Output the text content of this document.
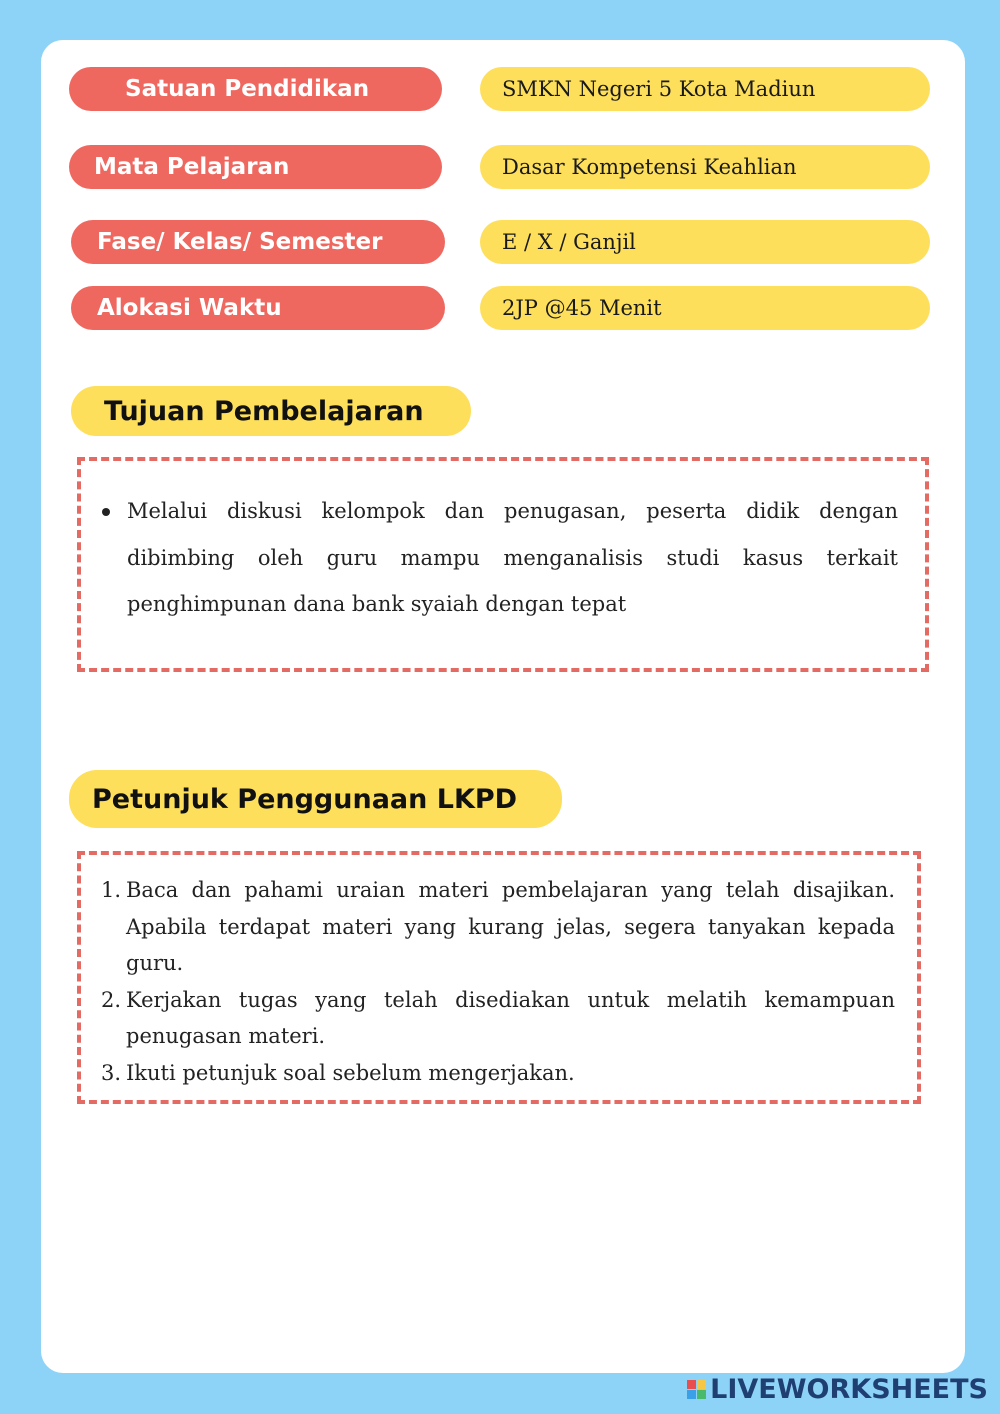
Satuan Pendidikan	SMKN Negeri 5 Kota Madiun
Mata Pelajaran	Dasar Kompetensi Keahlian
Fase/ Kelas/ Semester	E / X / Ganjil
Alokasi Waktu	2JP @45 Menit
Tujuan Pembelajaran
Melalui diskusi kelompok dan penugasan, peserta didik dengan dibimbing oleh guru mampu menganalisis studi kasus terkait penghimpunan dana bank syaiah dengan tepat
Petunjuk Penggunaan LKPD
1. Baca dan pahami uraian materi pembelajaran yang telah disajikan. Apabila terdapat materi yang kurang jelas, segera tanyakan kepada guru.
2. Kerjakan tugas yang telah disediakan untuk melatih kemampuan penugasan materi.
3. Ikuti petunjuk soal sebelum mengerjakan.
LIVEWORKSHEETS
